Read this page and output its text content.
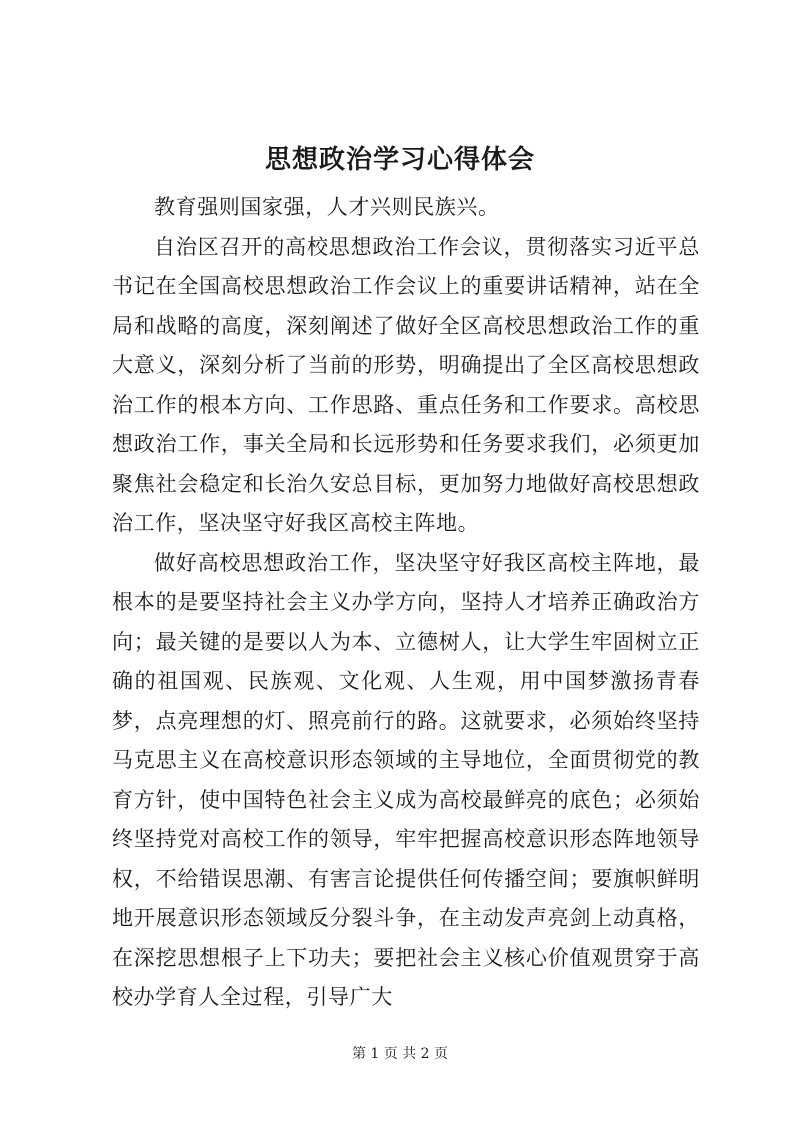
思想政治学习心得体会

教育强则国家强，人才兴则民族兴。

自治区召开的高校思想政治工作会议，贯彻落实习近平总书记在全国高校思想政治工作会议上的重要讲话精神，站在全局和战略的高度，深刻阐述了做好全区高校思想政治工作的重大意义，深刻分析了当前的形势，明确提出了全区高校思想政治工作的根本方向、工作思路、重点任务和工作要求。高校思想政治工作，事关全局和长远形势和任务要求我们，必须更加聚焦社会稳定和长治久安总目标，更加努力地做好高校思想政治工作，坚决坚守好我区高校主阵地。

做好高校思想政治工作，坚决坚守好我区高校主阵地，最根本的是要坚持社会主义办学方向，坚持人才培养正确政治方向；最关键的是要以人为本、立德树人，让大学生牢固树立正确的祖国观、民族观、文化观、人生观，用中国梦激扬青春梦，点亮理想的灯、照亮前行的路。这就要求，必须始终坚持马克思主义在高校意识形态领域的主导地位，全面贯彻党的教育方针，使中国特色社会主义成为高校最鲜亮的底色；必须始终坚持党对高校工作的领导，牢牢把握高校意识形态阵地领导权，不给错误思潮、有害言论提供任何传播空间；要旗帜鲜明地开展意识形态领域反分裂斗争，在主动发声亮剑上动真格，在深挖思想根子上下功夫；要把社会主义核心价值观贯穿于高校办学育人全过程，引导广大

第 1 页 共 2 页
